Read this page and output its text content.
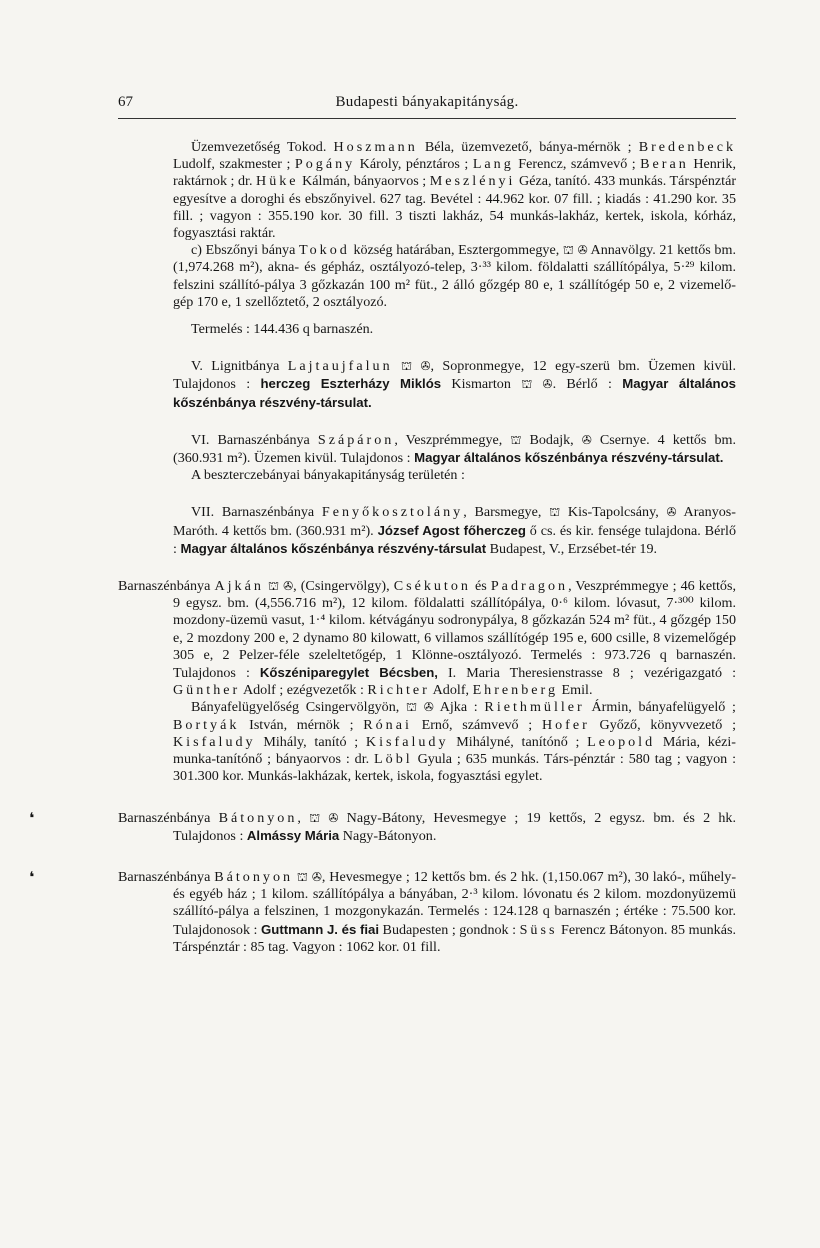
67	Budapesti bányakapitányság.

Üzemvezetőség Tokod. Hoszmann Béla, üzemvezető, bánya-mérnök ; Bredenbeck Ludolf, szakmester ; Pogány Károly, pénztáros ; Lang Ferencz, számvevő ; Beran Henrik, raktárnok ; dr. Hüke Kálmán, bányaorvos ; Meszlényi Géza, tanító. 433 munkás. Társpénztár egyesítve a doroghi és ebszőnyivel. 627 tag. Bevétel : 44.962 kor. 07 fill. ; kiadás : 41.290 kor. 35 fill. ; vagyon : 355.190 kor. 30 fill. 3 tiszti lakház, 54 munkás-lakház, kertek, iskola, kórház, fogyasztási raktár.

c) Ebszőnyi bánya Tokod község határában, Esztergommegye, ⛫ ✇ Annavölgy. 21 kettős bm. (1,974.268 m²), akna- és gépház, osztályozó-telep, 3·³³ kilom. földalatti szállítópálya, 5·²⁹ kilom. felszini szállító-pálya 3 gőzkazán 100 m² füt., 2 álló gőzgép 80 e, 1 szállítógép 50 e, 2 vizemelő-gép 170 e, 1 szellőztető, 2 osztályozó.

Termelés : 144.436 q barnaszén.

V. Lignitbánya Lajtaujfalun ⛫ ✇, Sopronmegye, 12 egy-szerü bm. Üzemen kivül. Tulajdonos : herczeg Eszterházy Miklós Kismarton ⛫ ✇. Bérlő : Magyar általános kőszénbánya részvény-társulat.

VI. Barnaszénbánya Szápáron, Veszprémmegye, ⛫ Bodajk, ✇ Csernye. 4 kettős bm. (360.931 m²). Üzemen kivül. Tulajdonos : Magyar általános kőszénbánya részvény-társulat.

A beszterczebányai bányakapitányság területén :

VII. Barnaszénbánya Fenyőkosztolány, Barsmegye, ⛫ Kis-Tapolcsány, ✇ Aranyos-Maróth. 4 kettős bm. (360.931 m²). József Agost főherczeg ő cs. és kir. fensége tulajdona. Bérlő : Magyar általános kőszénbánya részvény-társulat Budapest, V., Erzsébet-tér 19.

Barnaszénbánya Ajkán ⛫ ✇, (Csingervölgy), Csékuton és Padragon, Veszprémmegye ; 46 kettős, 9 egysz. bm. (4,556.716 m²), 12 kilom. földalatti szállítópálya, 0·⁶ kilom. lóvasut, 7·³⁰⁰ kilom. mozdony-üzemü vasut, 1·⁴ kilom. kétvágányu sodronypálya, 8 gőzkazán 524 m² füt., 4 gőzgép 150 e, 2 mozdony 200 e, 2 dynamo 80 kilowatt, 6 villamos szállítógép 195 e, 600 csille, 8 vizemelőgép 305 e, 2 Pelzer-féle szeleltetőgép, 1 Klönne-osztályozó. Termelés : 973.726 q barnaszén. Tulajdonos : Kőszéniparegylet Bécsben, I. Maria Theresienstrasse 8 ; vezérigazgató : Günther Adolf ; ezégvezetők : Richter Adolf, Ehrenberg Emil.

Bányafelügyelőség Csingervölgyön, ⛫ ✇ Ajka : Riethmüller Ármin, bányafelügyelő ; Bortyák István, mérnök ; Rónai Ernő, számvevő ; Hofer Győző, könyvvezető ; Kisfaludy Mihály, tanító ; Kisfaludy Mihályné, tanítónő ; Leopold Mária, kézi-munka-tanítónő ; bányaorvos : dr. Löbl Gyula ; 635 munkás. Társ-pénztár : 580 tag ; vagyon : 301.300 kor. Munkás-lakházak, kertek, iskola, fogyasztási egylet.

❛	Barnaszénbánya Bátonyon, ⛫ ✇ Nagy-Bátony, Hevesmegye ; 19 kettős, 2 egysz. bm. és 2 hk. Tulajdonos : Almássy Mária Nagy-Bátonyon.

❛	Barnaszénbánya Bátonyon ⛫ ✇, Hevesmegye ; 12 kettős bm. és 2 hk. (1,150.067 m²), 30 lakó-, műhely- és egyéb ház ; 1 kilom. szállítópálya a bányában, 2·³ kilom. lóvonatu és 2 kilom. mozdonyüzemü szállító-pálya a felszinen, 1 mozgonykazán. Termelés : 124.128 q barnaszén ; értéke : 75.500 kor. Tulajdonosok : Guttmann J. és fiai Budapesten ; gondnok : Süss Ferencz Bátonyon. 85 munkás. Társpénztár : 85 tag. Vagyon : 1062 kor. 01 fill.
